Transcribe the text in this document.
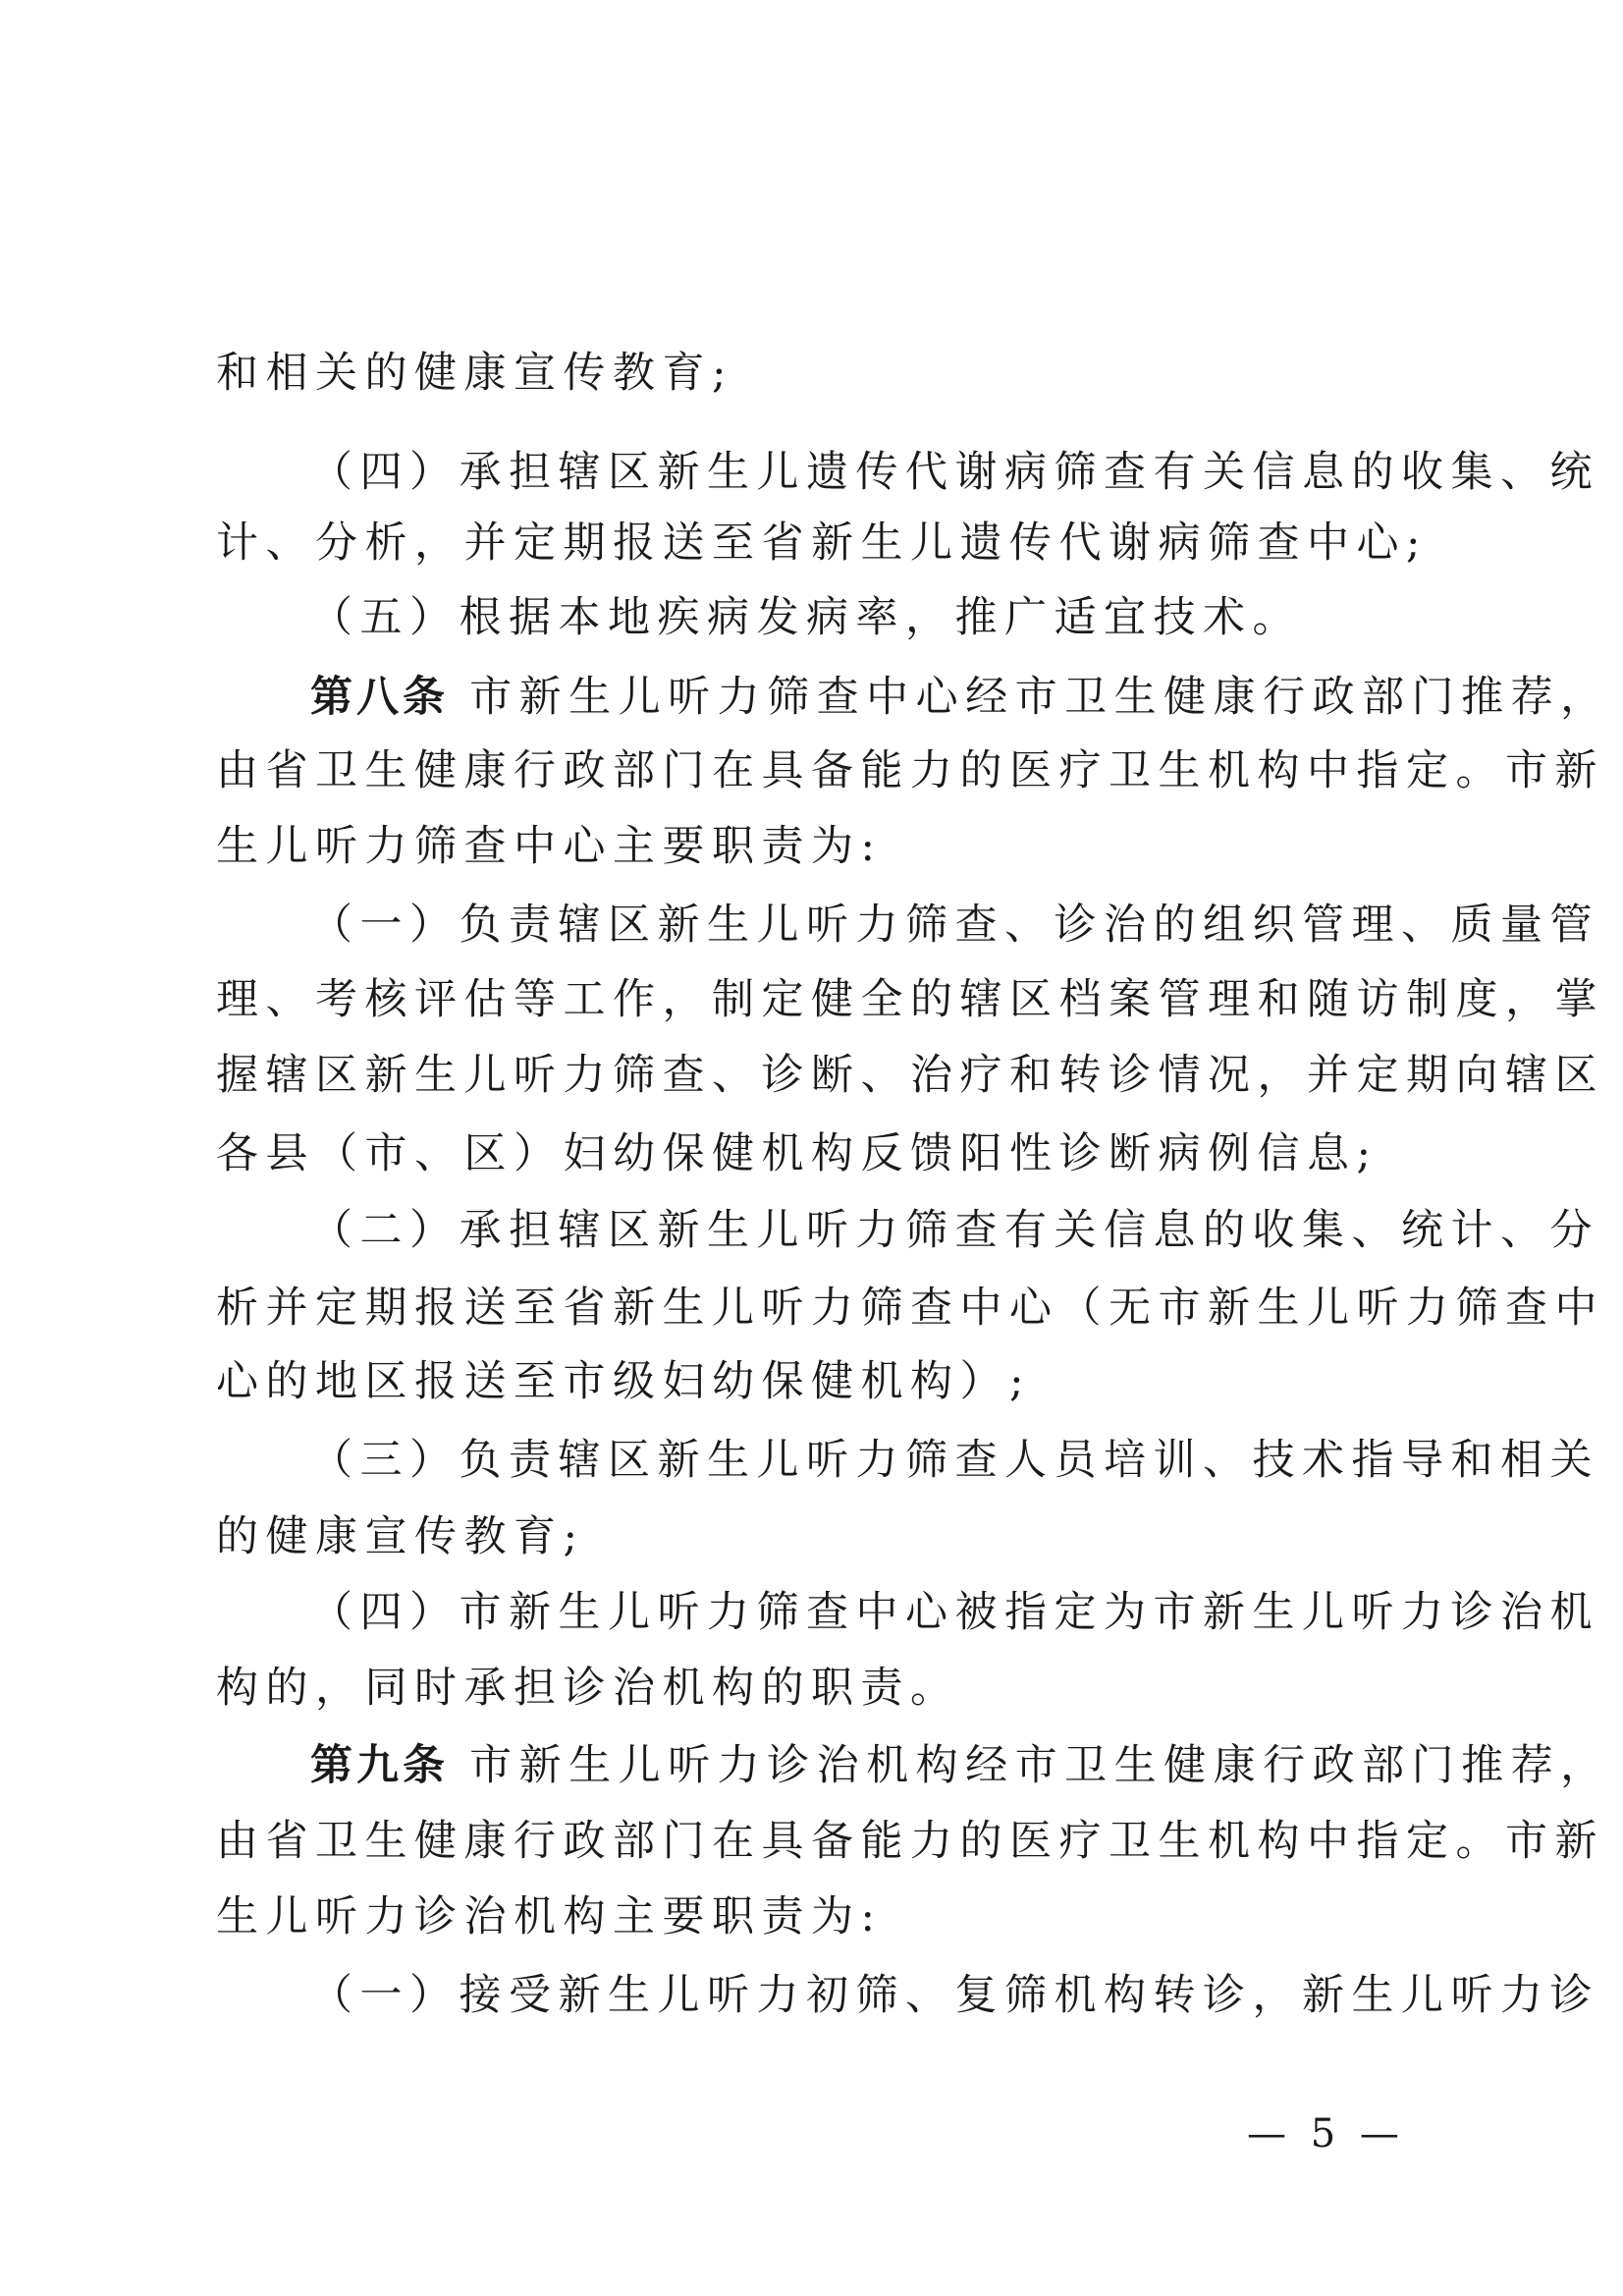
和相关的健康宣传教育;
（四）承担辖区新生儿遗传代谢病筛查有关信息的收集、统
计、分析，并定期报送至省新生儿遗传代谢病筛查中心;
（五）根据本地疾病发病率，推广适宜技术。
第八条 市新生儿听力筛查中心经市卫生健康行政部门推荐，
由省卫生健康行政部门在具备能力的医疗卫生机构中指定。市新
生儿听力筛查中心主要职责为:
（一）负责辖区新生儿听力筛查、诊治的组织管理、质量管
理、考核评估等工作，制定健全的辖区档案管理和随访制度，掌
握辖区新生儿听力筛查、诊断、治疗和转诊情况，并定期向辖区
各县（市、区）妇幼保健机构反馈阳性诊断病例信息;
（二）承担辖区新生儿听力筛查有关信息的收集、统计、分
析并定期报送至省新生儿听力筛查中心（无市新生儿听力筛查中
心的地区报送至市级妇幼保健机构）;
（三）负责辖区新生儿听力筛查人员培训、技术指导和相关
的健康宣传教育;
（四）市新生儿听力筛查中心被指定为市新生儿听力诊治机
构的，同时承担诊治机构的职责。
第九条 市新生儿听力诊治机构经市卫生健康行政部门推荐，
由省卫生健康行政部门在具备能力的医疗卫生机构中指定。市新
生儿听力诊治机构主要职责为:
（一）接受新生儿听力初筛、复筛机构转诊，新生儿听力诊
— 5 —
